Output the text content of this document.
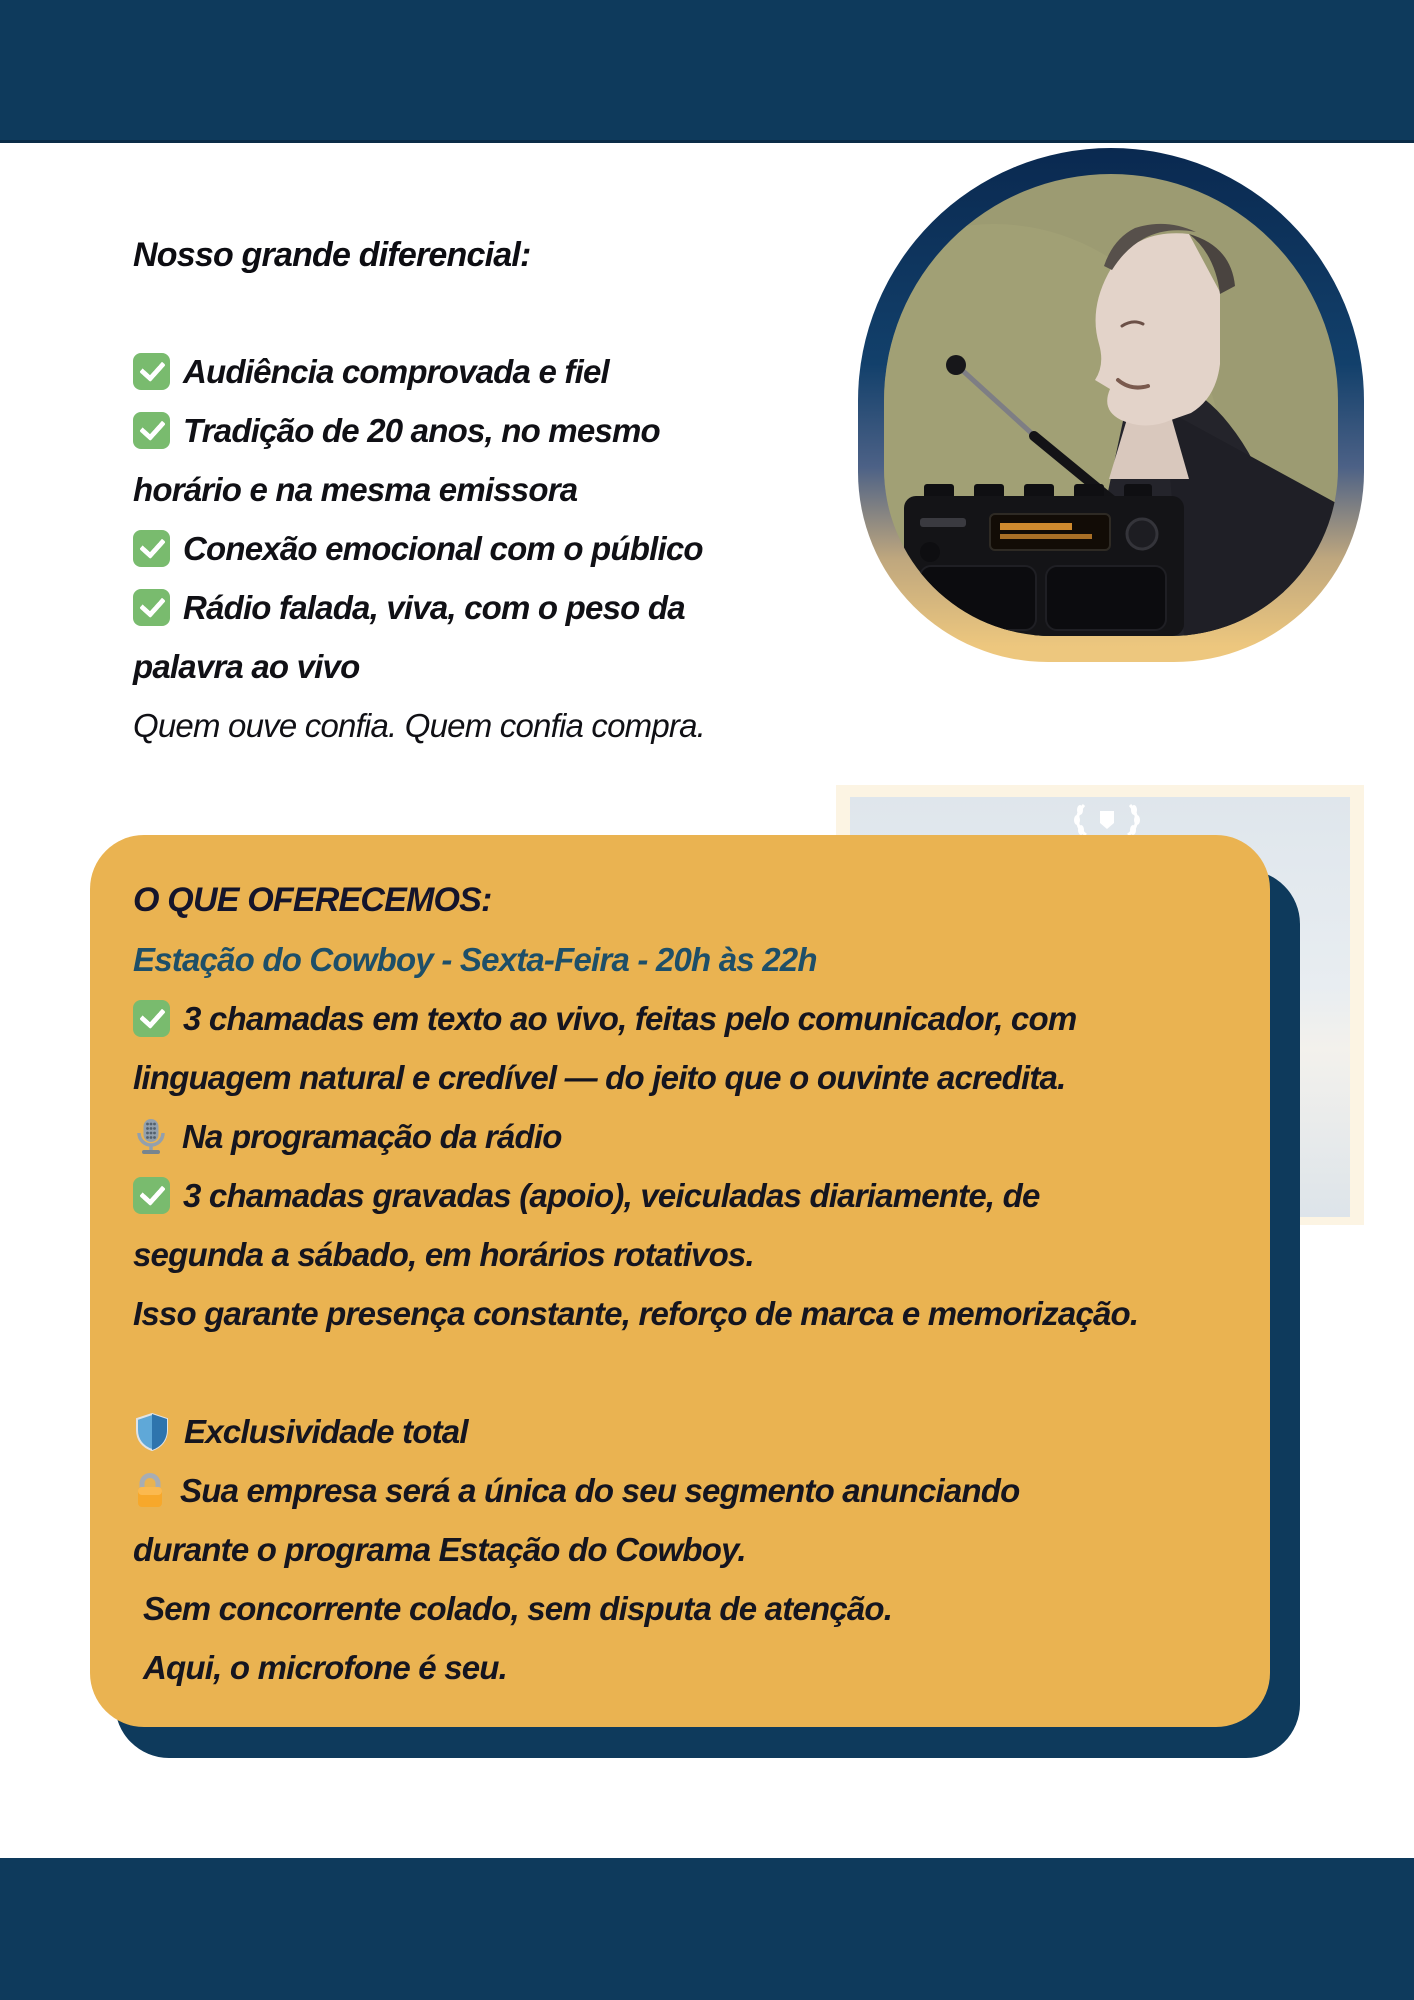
Nosso grande diferencial:
Audiência comprovada e fiel
Tradição de 20 anos, no mesmo
horário e na mesma emissora
Conexão emocional com o público
Rádio falada, viva, com o peso da
palavra ao vivo
Quem ouve confia. Quem confia compra.
O QUE OFERECEMOS:
Estação do Cowboy - Sexta-Feira - 20h às 22h
3 chamadas em texto ao vivo, feitas pelo comunicador, com
linguagem natural e credível — do jeito que o ouvinte acredita.
Na programação da rádio
3 chamadas gravadas (apoio), veiculadas diariamente, de
segunda a sábado, em horários rotativos.
Isso garante presença constante, reforço de marca e memorização.
Exclusividade total
Sua empresa será a única do seu segmento anunciando
durante o programa Estação do Cowboy.
Sem concorrente colado, sem disputa de atenção.
Aqui, o microfone é seu.
